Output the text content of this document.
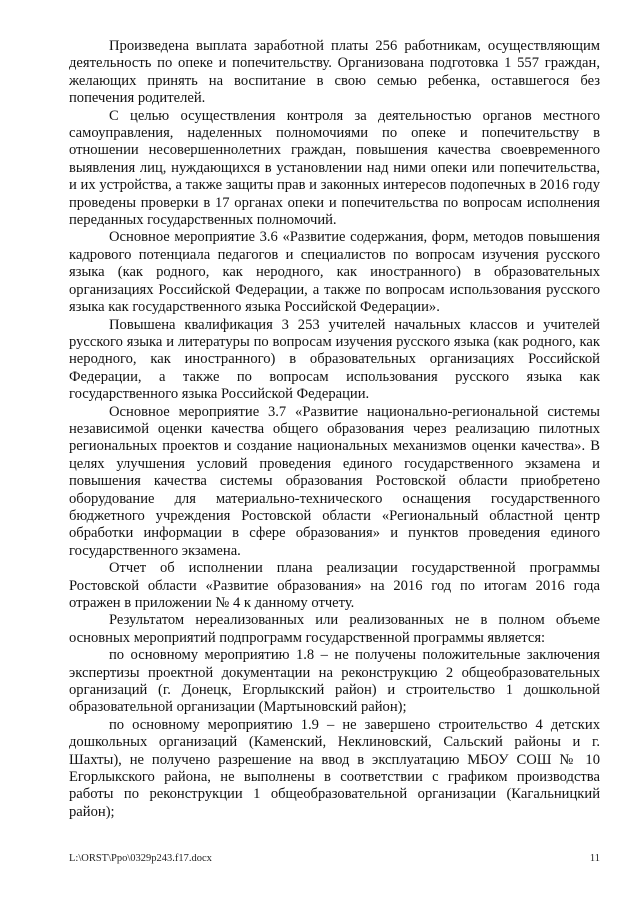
Произведена выплата заработной платы 256 работникам, осуществляющим деятельность по опеке и попечительству. Организована подготовка 1 557 граждан, желающих принять на воспитание в свою семью ребенка, оставшегося без попечения родителей.

С целью осуществления контроля за деятельностью органов местного самоуправления, наделенных полномочиями по опеке и попечительству в отношении несовершеннолетних граждан, повышения качества своевременного выявления лиц, нуждающихся в установлении над ними опеки или попечительства, и их устройства, а также защиты прав и законных интересов подопечных в 2016 году проведены проверки в 17 органах опеки и попечительства по вопросам исполнения переданных государственных полномочий.

Основное мероприятие 3.6 «Развитие содержания, форм, методов повышения кадрового потенциала педагогов и специалистов по вопросам изучения русского языка (как родного, как неродного, как иностранного) в образовательных организациях Российской Федерации, а также по вопросам использования русского языка как государственного языка Российской Федерации».

Повышена квалификация 3 253 учителей начальных классов и учителей русского языка и литературы по вопросам изучения русского языка (как родного, как неродного, как иностранного) в образовательных организациях Российской Федерации, а также по вопросам использования русского языка как государственного языка Российской Федерации.

Основное мероприятие 3.7 «Развитие национально-региональной системы независимой оценки качества общего образования через реализацию пилотных региональных проектов и создание национальных механизмов оценки качества». В целях улучшения условий проведения единого государственного экзамена и повышения качества системы образования Ростовской области приобретено оборудование для материально-технического оснащения государственного бюджетного учреждения Ростовской области «Региональный областной центр обработки информации в сфере образования» и пунктов проведения единого государственного экзамена.

Отчет об исполнении плана реализации государственной программы Ростовской области «Развитие образования» на 2016 год по итогам 2016 года отражен в приложении № 4 к данному отчету.

Результатом нереализованных или реализованных не в полном объеме основных мероприятий подпрограмм государственной программы является:

по основному мероприятию 1.8 – не получены положительные заключения экспертизы проектной документации на реконструкцию 2 общеобразовательных организаций (г. Донецк, Егорлыкский район) и строительство 1 дошкольной образовательной организации (Мартыновский район);

по основному мероприятию 1.9 – не завершено строительство 4 детских дошкольных организаций (Каменский, Неклиновский, Сальский районы и г. Шахты), не получено разрешение на ввод в эксплуатацию МБОУ СОШ № 10 Егорлыкского района, не выполнены в соответствии с графиком производства работы по реконструкции 1 общеобразовательной организации (Кагальницкий район);

L:\ORST\Ppo\0329p243.f17.docx	11
